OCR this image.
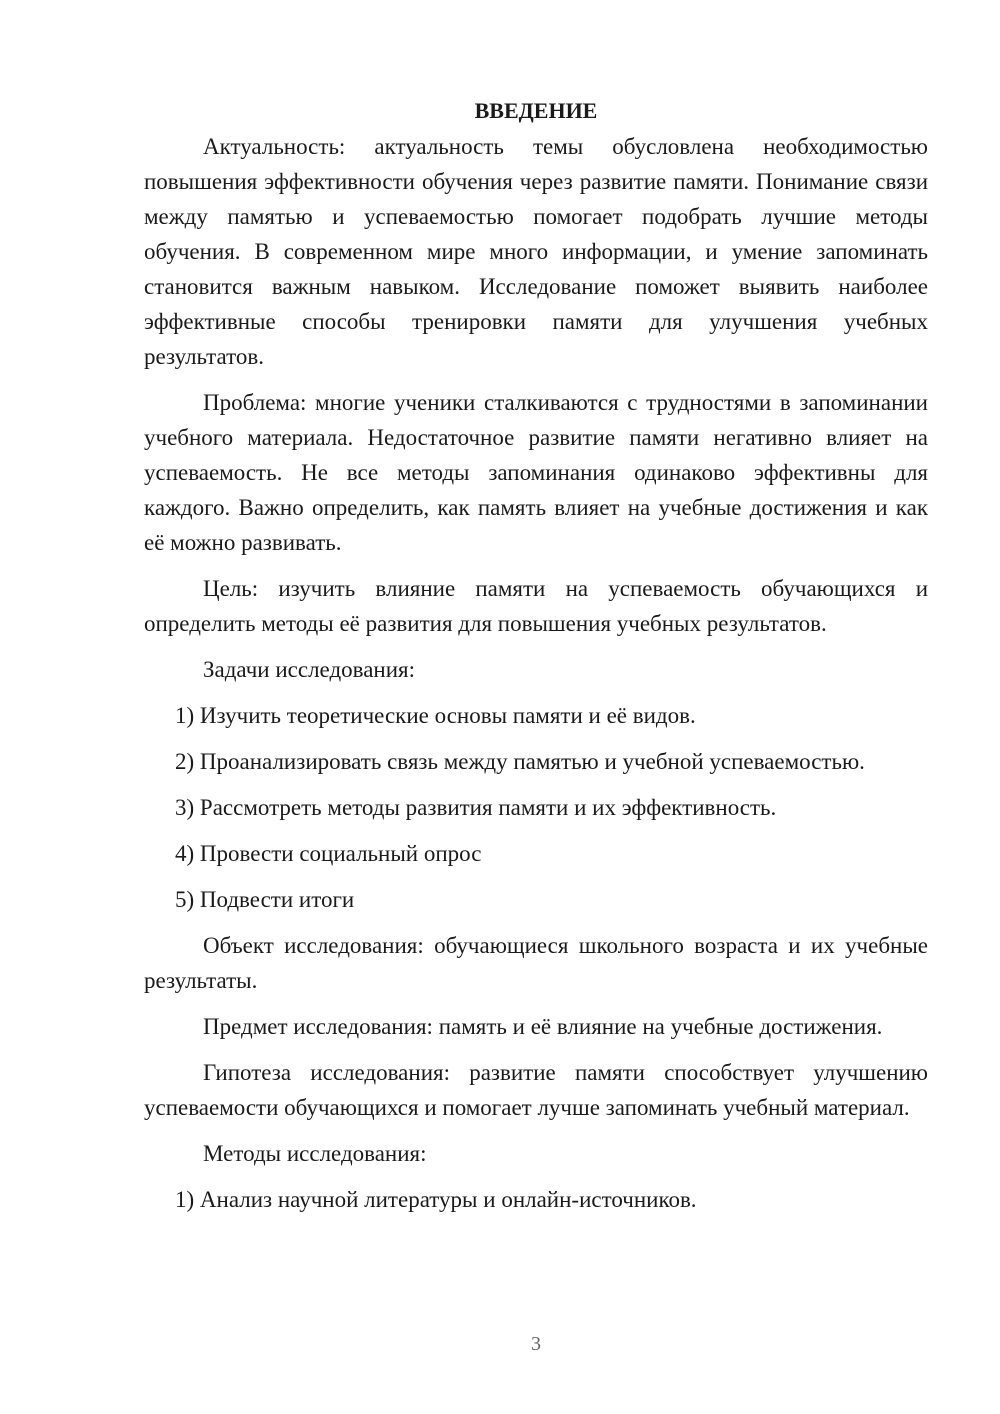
ВВЕДЕНИЕ

Актуальность: актуальность темы обусловлена необходимостью повышения эффективности обучения через развитие памяти. Понимание связи между памятью и успеваемостью помогает подобрать лучшие методы обучения. В современном мире много информации, и умение запоминать становится важным навыком. Исследование поможет выявить наиболее эффективные способы тренировки памяти для улучшения учебных результатов.

Проблема: многие ученики сталкиваются с трудностями в запоминании учебного материала. Недостаточное развитие памяти негативно влияет на успеваемость. Не все методы запоминания одинаково эффективны для каждого. Важно определить, как память влияет на учебные достижения и как её можно развивать.

Цель: изучить влияние памяти на успеваемость обучающихся и определить методы её развития для повышения учебных результатов.

Задачи исследования:

1) Изучить теоретические основы памяти и её видов.

2) Проанализировать связь между памятью и учебной успеваемостью.

3) Рассмотреть методы развития памяти и их эффективность.

4) Провести социальный опрос

5) Подвести итоги

Объект исследования: обучающиеся школьного возраста и их учебные результаты.

Предмет исследования: память и её влияние на учебные достижения.

Гипотеза исследования: развитие памяти способствует улучшению успеваемости обучающихся и помогает лучше запоминать учебный материал.

Методы исследования:

1) Анализ научной литературы и онлайн-источников.

3
